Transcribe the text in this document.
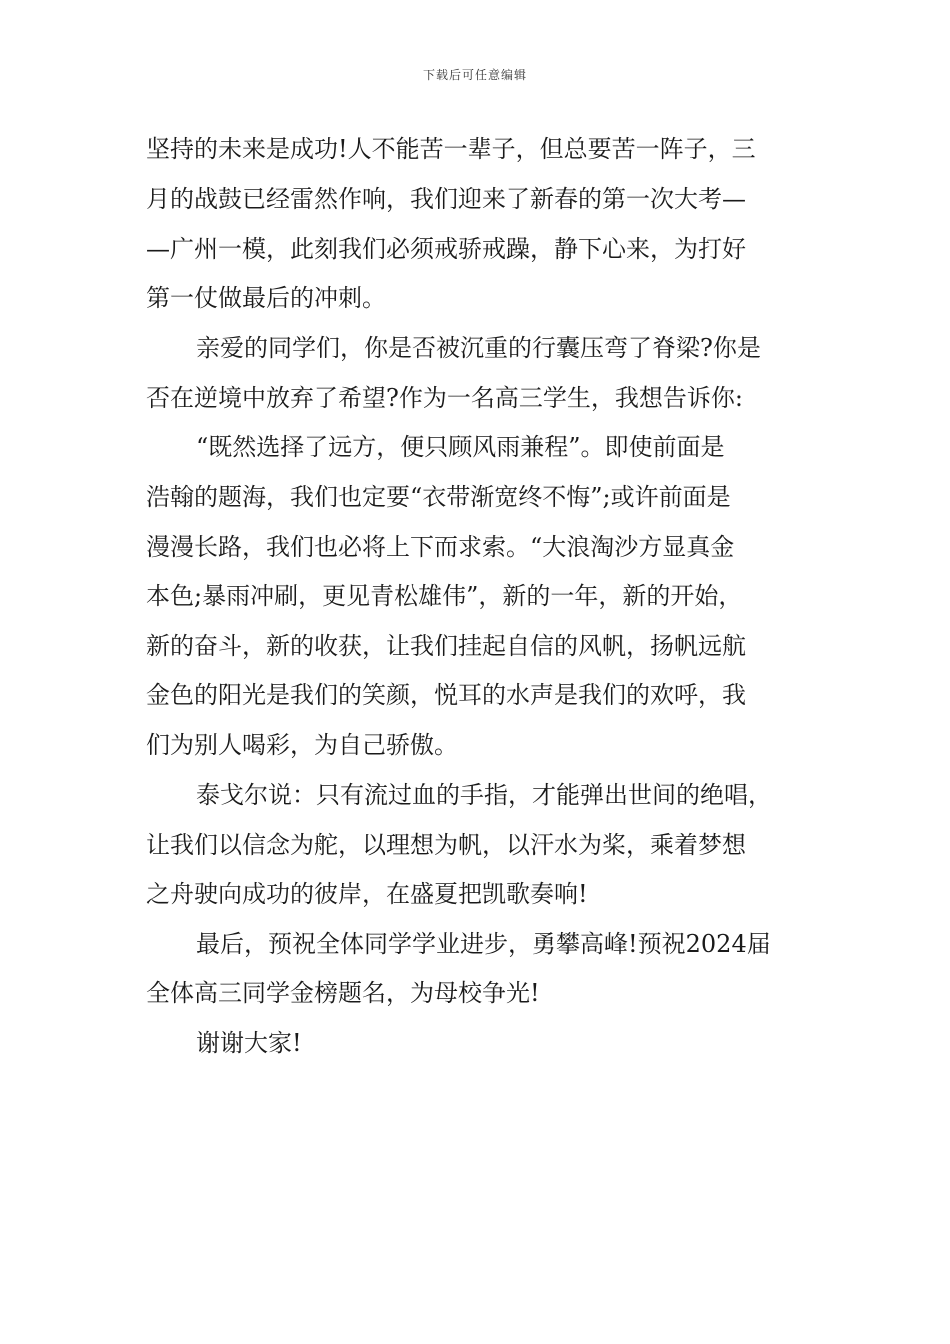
下载后可任意编辑
坚持的未来是成功!人不能苦一辈子，但总要苦一阵子，三
月的战鼓已经雷然作响，我们迎来了新春的第一次大考—
—广州一模，此刻我们必须戒骄戒躁，静下心来，为打好
第一仗做最后的冲刺。
亲爱的同学们，你是否被沉重的行囊压弯了脊梁?你是
否在逆境中放弃了希望?作为一名高三学生，我想告诉你:
“既然选择了远方，便只顾风雨兼程”。即使前面是
浩翰的题海，我们也定要“衣带渐宽终不悔”;或许前面是
漫漫长路，我们也必将上下而求索。“大浪淘沙方显真金
本色;暴雨冲刷，更见青松雄伟”，新的一年，新的开始，
新的奋斗，新的收获，让我们挂起自信的风帆，扬帆远航
金色的阳光是我们的笑颜，悦耳的水声是我们的欢呼，我
们为别人喝彩，为自己骄傲。
泰戈尔说：只有流过血的手指，才能弹出世间的绝唱，
让我们以信念为舵，以理想为帆，以汗水为桨，乘着梦想
之舟驶向成功的彼岸，在盛夏把凯歌奏响!
最后，预祝全体同学学业进步，勇攀高峰!预祝2024届
全体高三同学金榜题名，为母校争光!
谢谢大家!
